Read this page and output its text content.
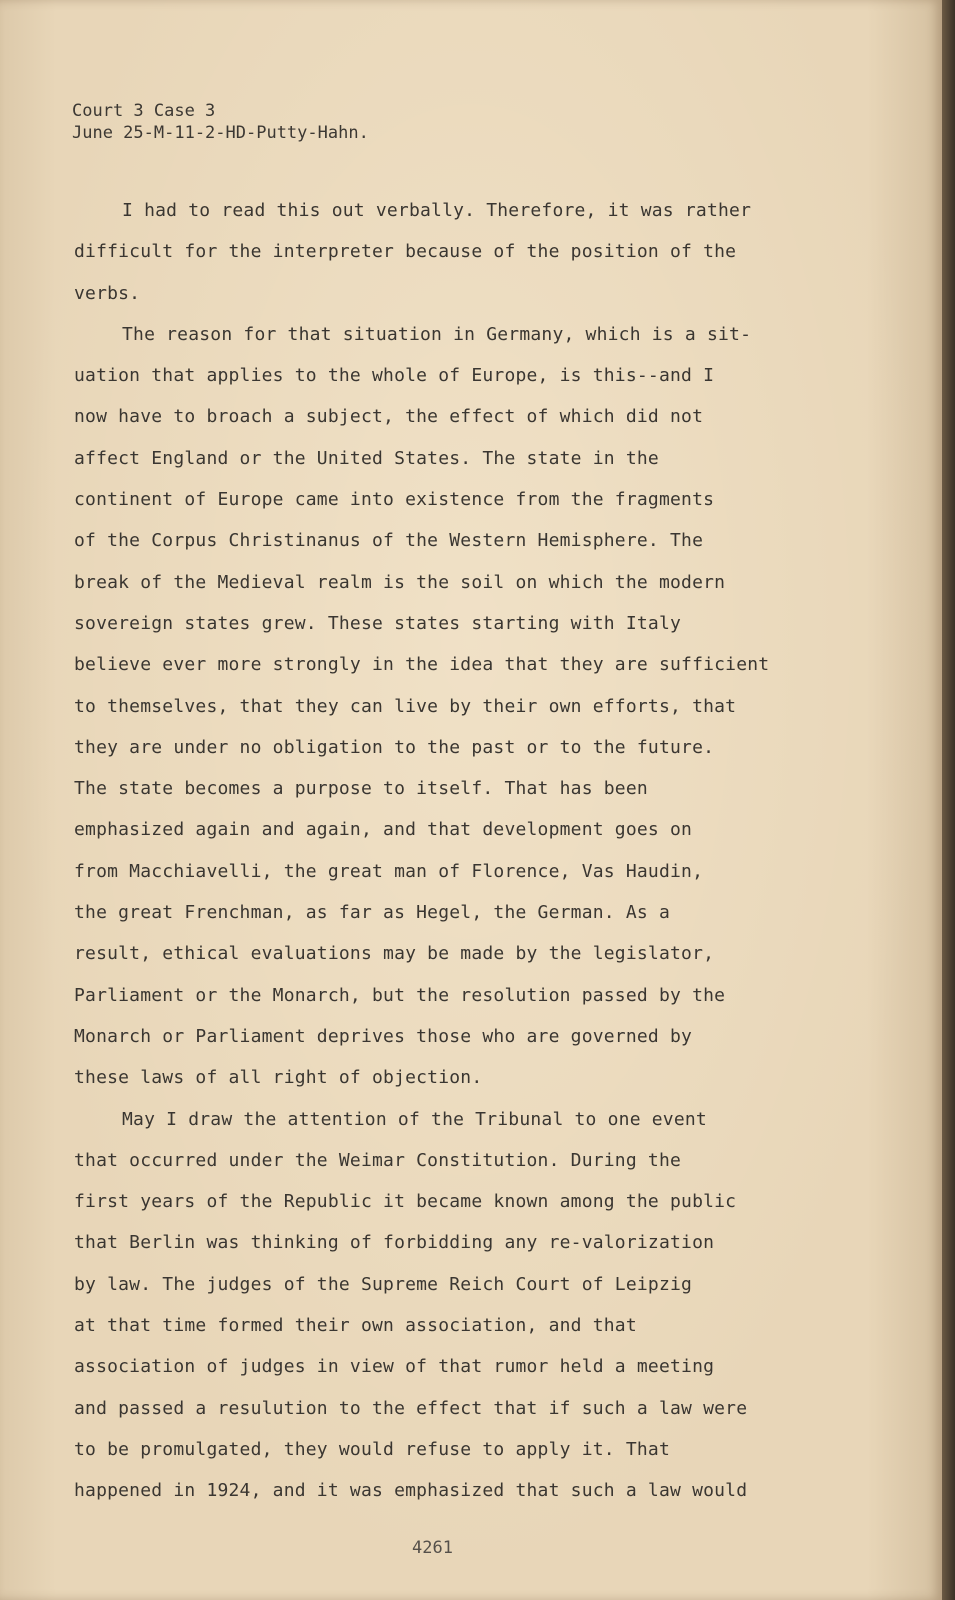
Court 3 Case 3
June 25-M-11-2-HD-Putty-Hahn.
I had to read this out verbally. Therefore, it was rather
difficult for the interpreter because of the position of the
verbs.
The reason for that situation in Germany, which is a sit-
uation that applies to the whole of Europe, is this--and I
now have to broach a subject, the effect of which did not
affect England or the United States. The state in the
continent of Europe came into existence from the fragments
of the Corpus Christinanus of the Western Hemisphere. The
break of the Medieval realm is the soil on which the modern
sovereign states grew. These states starting with Italy
believe ever more strongly in the idea that they are sufficient
to themselves, that they can live by their own efforts, that
they are under no obligation to the past or to the future.
The state becomes a purpose to itself. That has been
emphasized again and again, and that development goes on
from Macchiavelli, the great man of Florence, Vas Haudin,
the great Frenchman, as far as Hegel, the German. As a
result, ethical evaluations may be made by the legislator,
Parliament or the Monarch, but the resolution passed by the
Monarch or Parliament deprives those who are governed by
these laws of all right of objection.
May I draw the attention of the Tribunal to one event
that occurred under the Weimar Constitution. During the
first years of the Republic it became known among the public
that Berlin was thinking of forbidding any re-valorization
by law. The judges of the Supreme Reich Court of Leipzig
at that time formed their own association, and that
association of judges in view of that rumor held a meeting
and passed a resulution to the effect that if such a law were
to be promulgated, they would refuse to apply it. That
happened in 1924, and it was emphasized that such a law would
4261
